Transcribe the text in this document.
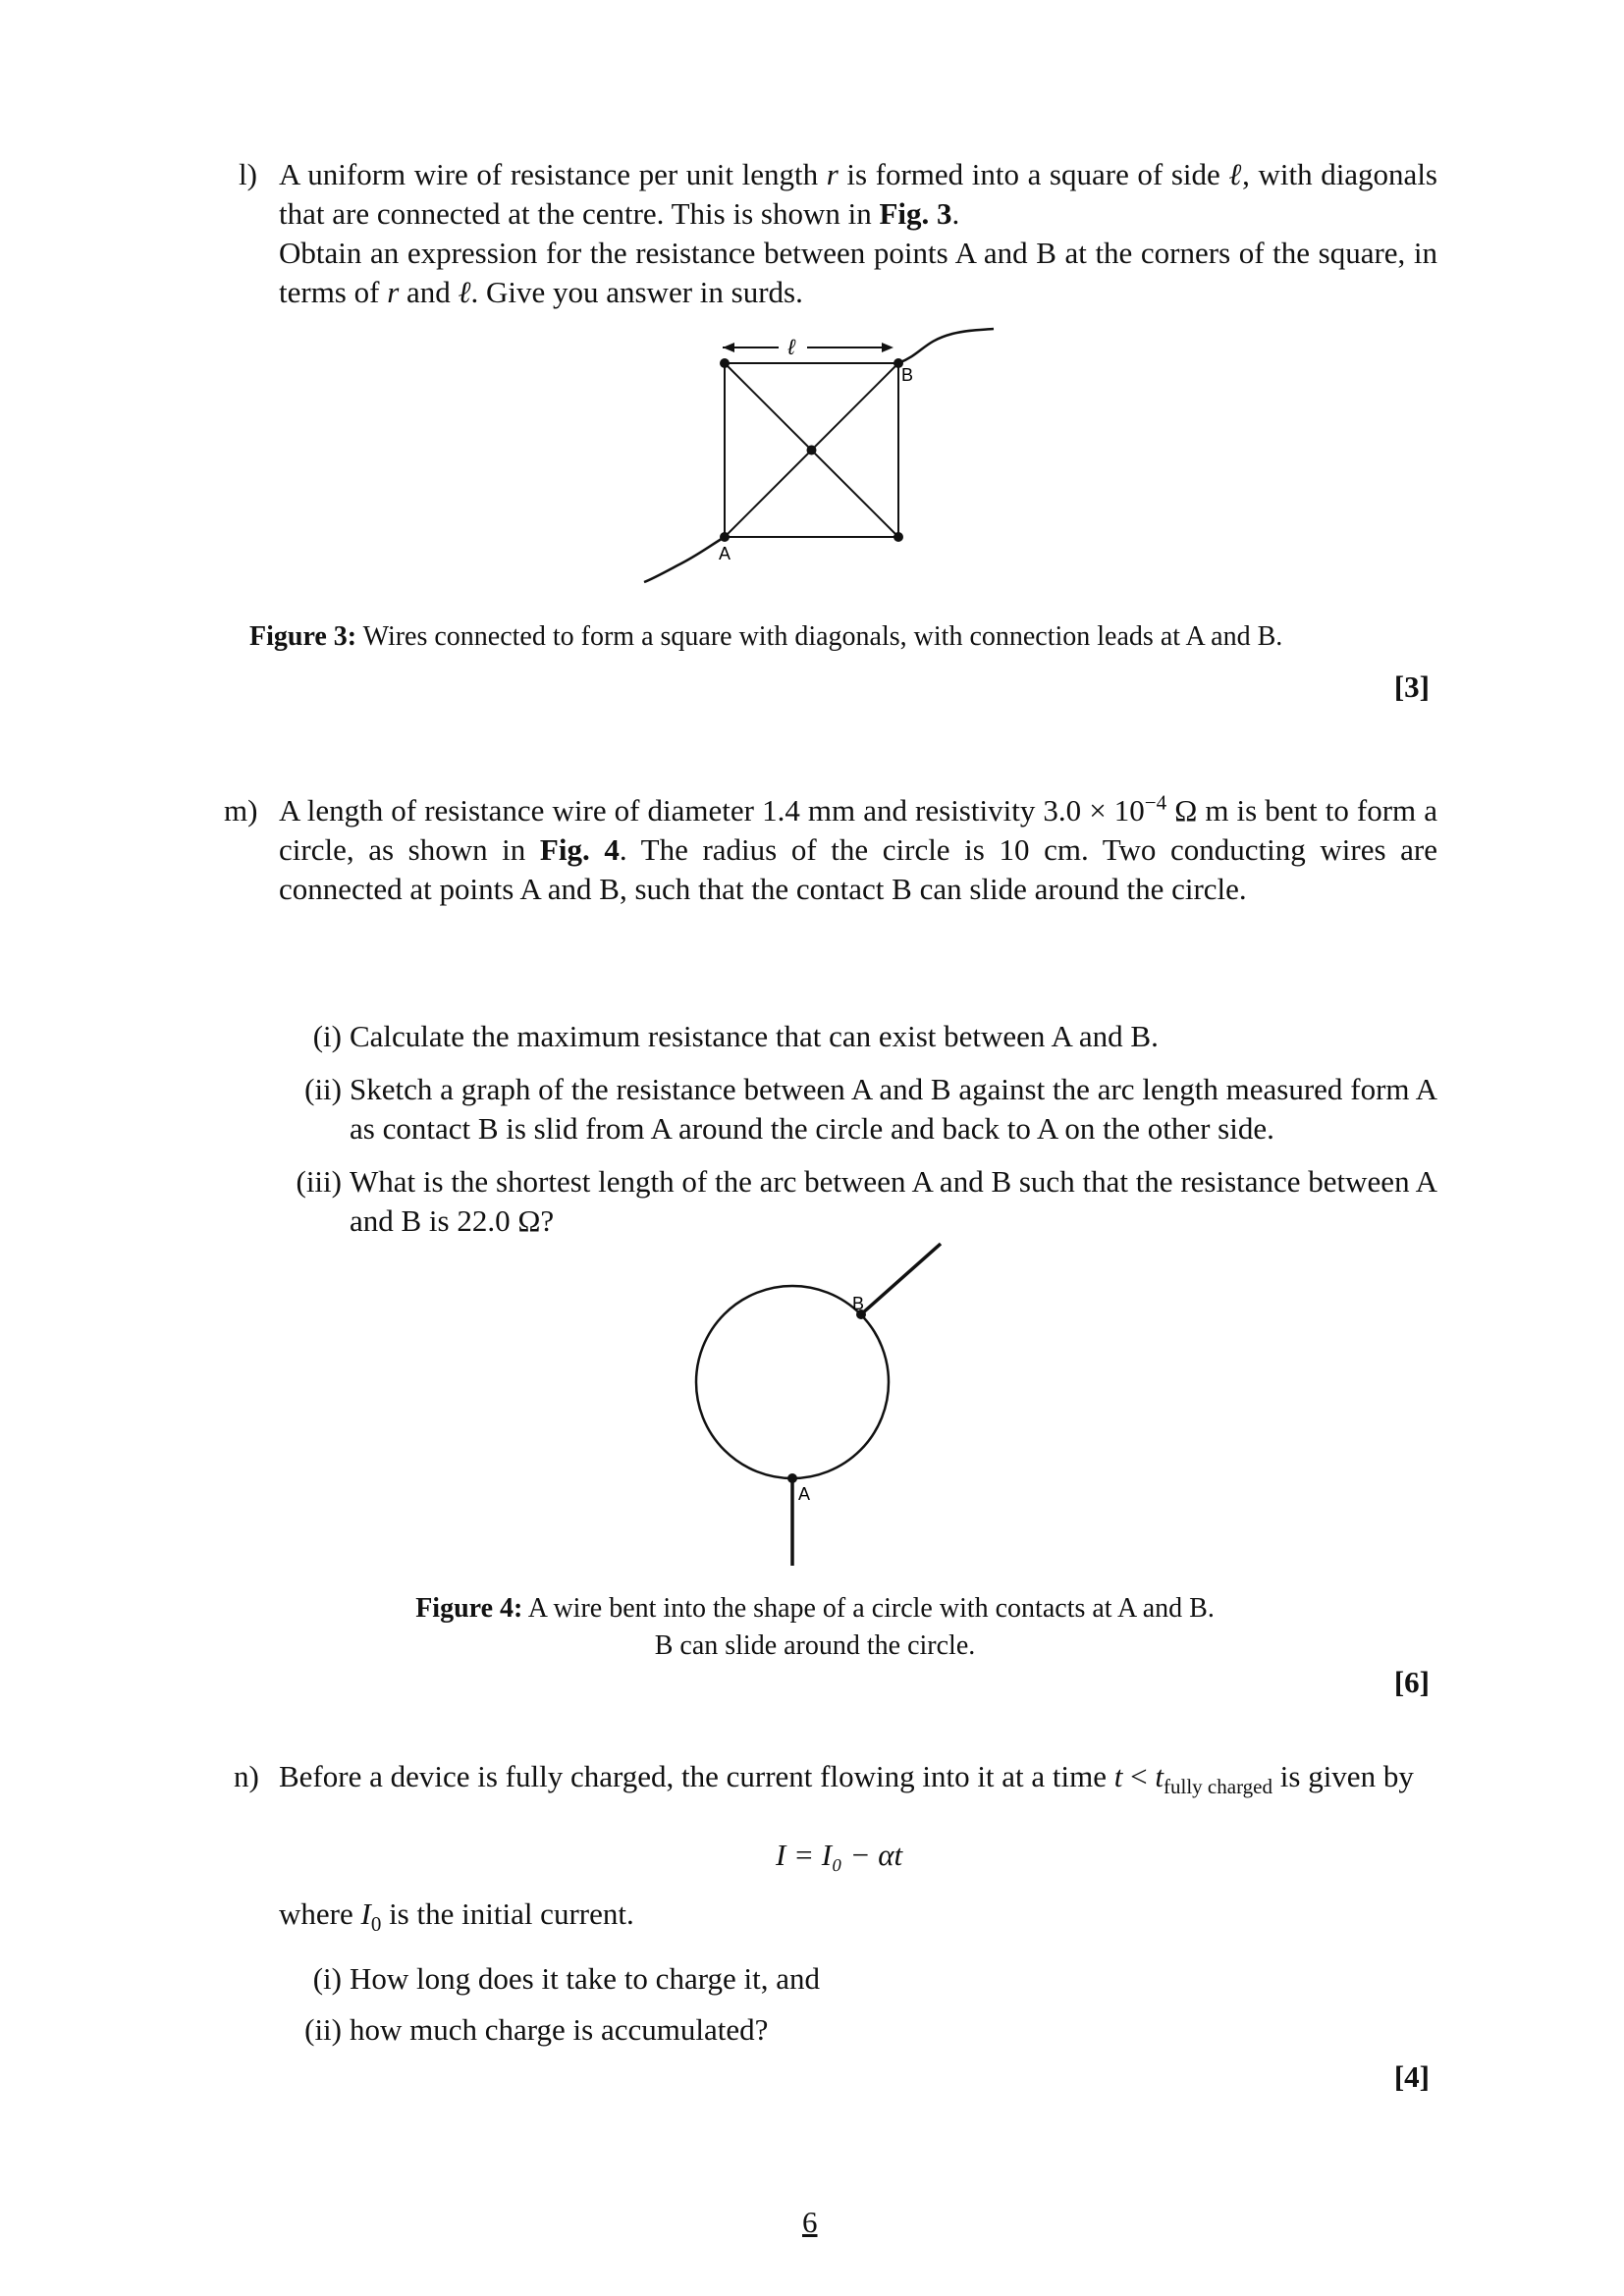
l) A uniform wire of resistance per unit length r is formed into a square of side ℓ, with diagonals that are connected at the centre. This is shown in Fig. 3.

Obtain an expression for the resistance between points A and B at the corners of the square, in terms of r and ℓ. Give you answer in surds.

ℓ
B
A
Figure 3: Wires connected to form a square with diagonals, with connection leads at A and B.
[3]
m) A length of resistance wire of diameter 1.4 mm and resistivity $3.0 \times 10^{-4}$ Ω m is bent to form a circle, as shown in Fig. 4. The radius of the circle is 10 cm. Two conducting wires are connected at points A and B, such that the contact B can slide around the circle.

(i) Calculate the maximum resistance that can exist between A and B.
(ii) Sketch a graph of the resistance between A and B against the arc length measured form A as contact B is slid from A around the circle and back to A on the other side.
(iii) What is the shortest length of the arc between A and B such that the resistance between A and B is 22.0 Ω?
B
A
Figure 4: A wire bent into the shape of a circle with contacts at A and B.
B can slide around the circle.
[6]
n) Before a device is fully charged, the current flowing into it at a time $t < t_{fully charged}$ is given by

I = I₀ − αt
where $I_0$ is the initial current.
(i) How long does it take to charge it, and
(ii) how much charge is accumulated?
[4]
6
